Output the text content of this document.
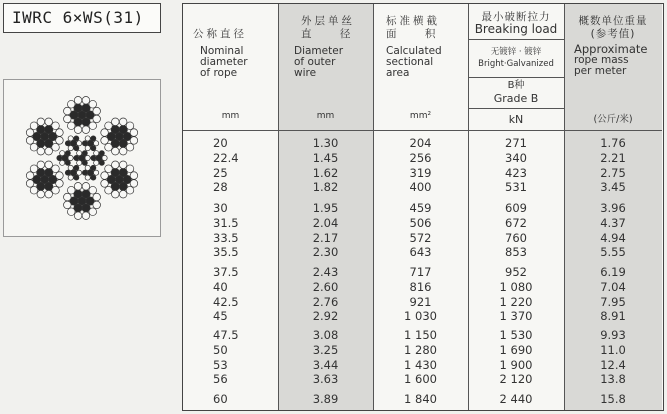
IWRC 6×WS(31)
公称直径
Nominal
diameter
of rope
mm
外层单丝
直    径
Diameter
of outer
wire
mm
标准横截
面    积
Calculated
sectional
area
mm²
最小破断拉力
Breaking load
无镀锌 · 镀锌
Bright·Galvanized
B种
Grade B
kN
概数单位重量
(参考值)
Approximate
rope mass
per meter
(公斤/米)
20	1.30	204	271	1.76
22.4	1.45	256	340	2.21
25	1.62	319	423	2.75
28	1.82	400	531	3.45
30	1.95	459	609	3.96
31.5	2.04	506	672	4.37
33.5	2.17	572	760	4.94
35.5	2.30	643	853	5.55
37.5	2.43	717	952	6.19
40	2.60	816	1 080	7.04
42.5	2.76	921	1 220	7.95
45	2.92	1 030	1 370	8.91
47.5	3.08	1 150	1 530	9.93
50	3.25	1 280	1 690	11.0
53	3.44	1 430	1 900	12.4
56	3.63	1 600	2 120	13.8
60	3.89	1 840	2 440	15.8
